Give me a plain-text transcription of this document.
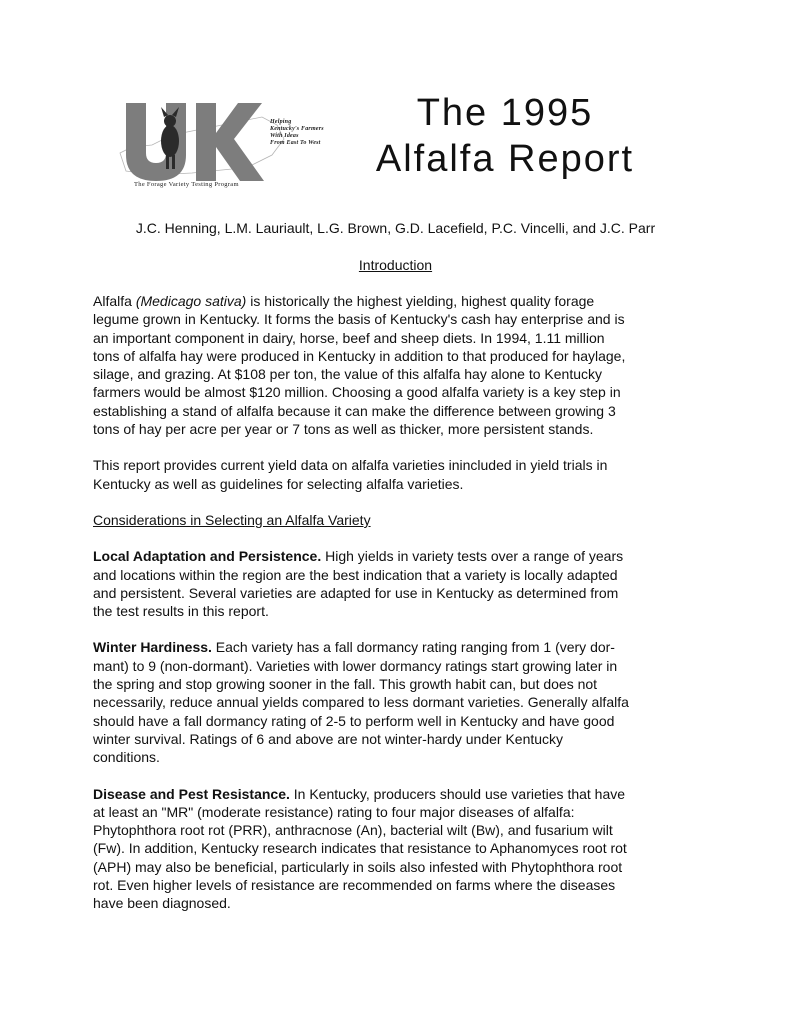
Helping
Kentucky's Farmers
With Ideas
From East To West
The Forage Variety Testing Program
The 1995
Alfalfa Report
J.C. Henning, L.M. Lauriault, L.G. Brown, G.D. Lacefield, P.C. Vincelli, and J.C. Parr
Introduction
Alfalfa (Medicago sativa) is historically the highest yielding, highest quality forage
legume grown in Kentucky. It forms the basis of Kentucky's cash hay enterprise and is
an important component in dairy, horse, beef and sheep diets. In 1994, 1.11 million
tons of alfalfa hay were produced in Kentucky in addition to that produced for haylage,
silage, and grazing. At $108 per ton, the value of this alfalfa hay alone to Kentucky
farmers would be almost $120 million. Choosing a good alfalfa variety is a key step in
establishing a stand of alfalfa because it can make the difference between growing 3
tons of hay per acre per year or 7 tons as well as thicker, more persistent stands.
This report provides current yield data on alfalfa varieties inincluded in yield trials in
Kentucky as well as guidelines for selecting alfalfa varieties.
Considerations in Selecting an Alfalfa Variety
Local Adaptation and Persistence. High yields in variety tests over a range of years
and locations within the region are the best indication that a variety is locally adapted
and persistent. Several varieties are adapted for use in Kentucky as determined from
the test results in this report.
Winter Hardiness. Each variety has a fall dormancy rating ranging from 1 (very dor-
mant) to 9 (non-dormant). Varieties with lower dormancy ratings start growing later in
the spring and stop growing sooner in the fall. This growth habit can, but does not
necessarily, reduce annual yields compared to less dormant varieties. Generally alfalfa
should have a fall dormancy rating of 2-5 to perform well in Kentucky and have good
winter survival. Ratings of 6 and above are not winter-hardy under Kentucky
conditions.
Disease and Pest Resistance. In Kentucky, producers should use varieties that have
at least an "MR" (moderate resistance) rating to four major diseases of alfalfa:
Phytophthora root rot (PRR), anthracnose (An), bacterial wilt (Bw), and fusarium wilt
(Fw). In addition, Kentucky research indicates that resistance to Aphanomyces root rot
(APH) may also be beneficial, particularly in soils also infested with Phytophthora root
rot. Even higher levels of resistance are recommended on farms where the diseases
have been diagnosed.
